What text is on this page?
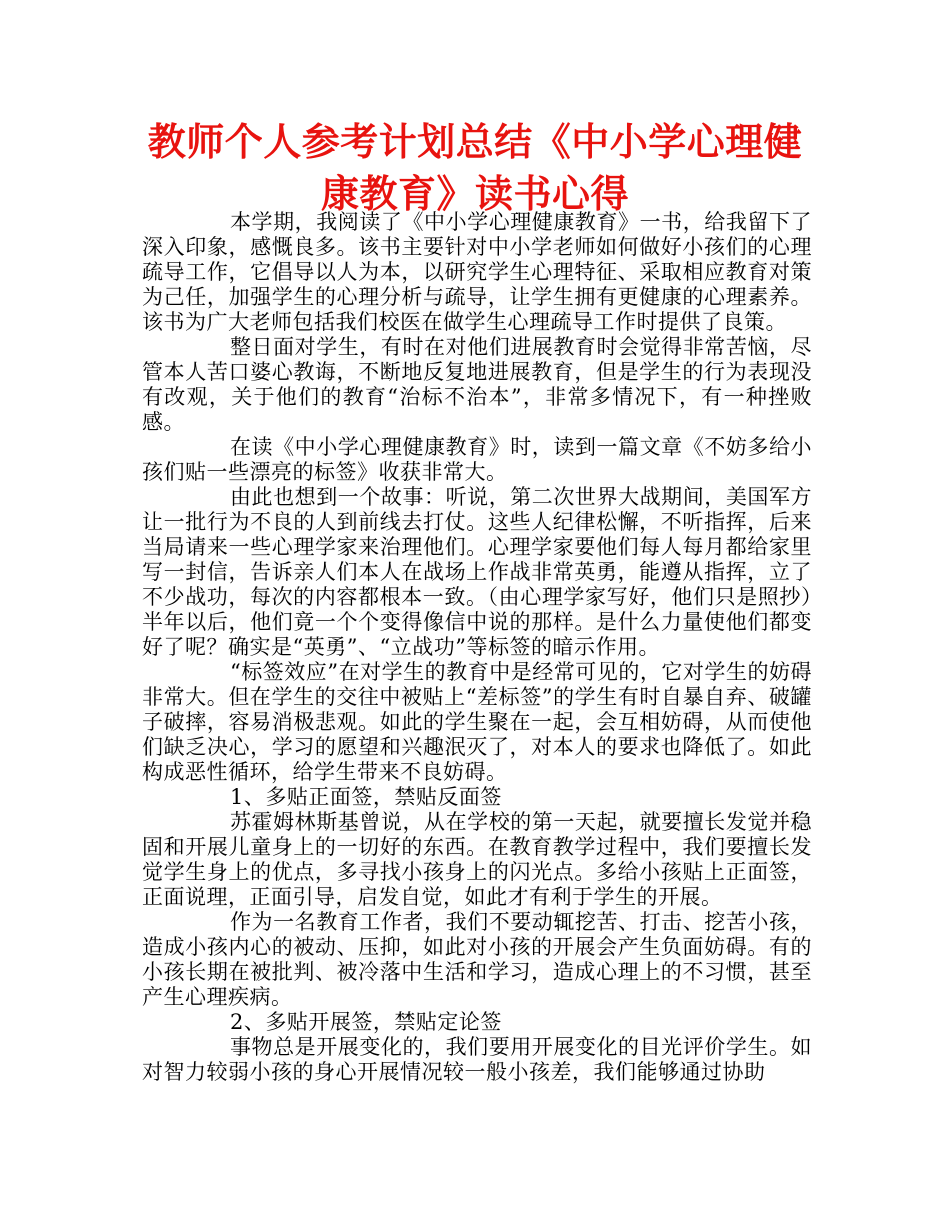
教师个人参考计划总结《中小学心理健康教育》读书心得

本学期，我阅读了《中小学心理健康教育》一书，给我留下了深入印象，感慨良多。该书主要针对中小学老师如何做好小孩们的心理疏导工作，它倡导以人为本，以研究学生心理特征、采取相应教育对策为己任，加强学生的心理分析与疏导，让学生拥有更健康的心理素养。该书为广大老师包括我们校医在做学生心理疏导工作时提供了良策。

整日面对学生，有时在对他们进展教育时会觉得非常苦恼，尽管本人苦口婆心教诲，不断地反复地进展教育，但是学生的行为表现没有改观，关于他们的教育“治标不治本”，非常多情况下，有一种挫败感。

在读《中小学心理健康教育》时，读到一篇文章《不妨多给小孩们贴一些漂亮的标签》收获非常大。

由此也想到一个故事：听说，第二次世界大战期间，美国军方让一批行为不良的人到前线去打仗。这些人纪律松懈，不听指挥，后来当局请来一些心理学家来治理他们。心理学家要他们每人每月都给家里写一封信，告诉亲人们本人在战场上作战非常英勇，能遵从指挥，立了不少战功，每次的内容都根本一致。（由心理学家写好，他们只是照抄）半年以后，他们竟一个个变得像信中说的那样。是什么力量使他们都变好了呢？确实是“英勇”、“立战功”等标签的暗示作用。

“标签效应”在对学生的教育中是经常可见的，它对学生的妨碍非常大。但在学生的交往中被贴上“差标签”的学生有时自暴自弃、破罐子破摔，容易消极悲观。如此的学生聚在一起，会互相妨碍，从而使他们缺乏决心，学习的愿望和兴趣泯灭了，对本人的要求也降低了。如此构成恶性循环，给学生带来不良妨碍。

1、多贴正面签，禁贴反面签

苏霍姆林斯基曾说，从在学校的第一天起，就要擅长发觉并稳固和开展儿童身上的一切好的东西。在教育教学过程中，我们要擅长发觉学生身上的优点，多寻找小孩身上的闪光点。多给小孩贴上正面签，正面说理，正面引导，启发自觉，如此才有利于学生的开展。

作为一名教育工作者，我们不要动辄挖苦、打击、挖苦小孩，造成小孩内心的被动、压抑，如此对小孩的开展会产生负面妨碍。有的小孩长期在被批判、被冷落中生活和学习，造成心理上的不习惯，甚至产生心理疾病。

2、多贴开展签，禁贴定论签

事物总是开展变化的，我们要用开展变化的目光评价学生。如对智力较弱小孩的身心开展情况较一般小孩差，我们能够通过协助
